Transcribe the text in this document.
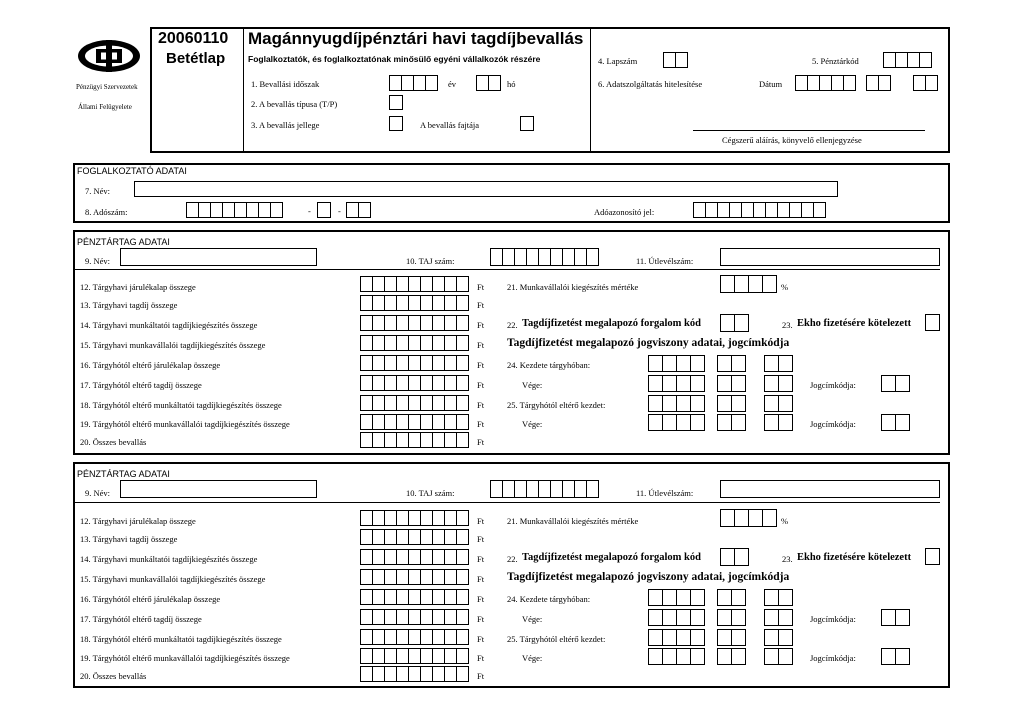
Pénzügyi Szervezetek
Állami Felügyelete
20060110
Betétlap
Magánnyugdíjpénztári havi tagdíjbevallás
Foglalkoztatók, és foglalkoztatónak minősülő egyéni vállalkozók részére
1. Bevallási időszak	év	hó
2. A bevallás típusa (T/P)
3. A bevallás jellege	A bevallás fajtája
4. Lapszám	5. Pénztárkód
6. Adatszolgáltatás hitelesítése	Dátum
Cégszerű aláírás, könyvelő ellenjegyzése
FOGLALKOZTATÓ ADATAI
7. Név:
8. Adószám:	-	-	Adóazonosító jel:
PÉNZTÁRTAG ADATAI
9. Név:	10. TAJ szám:	11. Útlevélszám:
12. Tárgyhavi járulékalap összege	Ft
13. Tárgyhavi tagdíj összege	Ft
14. Tárgyhavi munkáltatói tagdíjkiegészítés összege	Ft
15. Tárgyhavi munkavállalói tagdíjkiegészítés összege	Ft
16. Tárgyhótól eltérő járulékalap összege	Ft
17. Tárgyhótól eltérő tagdíj összege	Ft
18. Tárgyhótól eltérő munkáltatói tagdíjkiegészítés összege	Ft
19. Tárgyhótól eltérő munkavállalói tagdíjkiegészítés összege	Ft
20. Összes bevallás	Ft
21. Munkavállalói kiegészítés mértéke	%
22. Tagdíjfizetést megalapozó forgalom kód	23. Ekho fizetésére kötelezett
Tagdíjfizetést megalapozó jogviszony adatai, jogcímkódja
24. Kezdete tárgyhóban:
Vége:	Jogcímkódja:
25. Tárgyhótól eltérő kezdet:
Vége:	Jogcímkódja:
PÉNZTÁRTAG ADATAI
9. Név:	10. TAJ szám:	11. Útlevélszám:
12. Tárgyhavi járulékalap összege	Ft
13. Tárgyhavi tagdíj összege	Ft
14. Tárgyhavi munkáltatói tagdíjkiegészítés összege	Ft
15. Tárgyhavi munkavállalói tagdíjkiegészítés összege	Ft
16. Tárgyhótól eltérő járulékalap összege	Ft
17. Tárgyhótól eltérő tagdíj összege	Ft
18. Tárgyhótól eltérő munkáltatói tagdíjkiegészítés összege	Ft
19. Tárgyhótól eltérő munkavállalói tagdíjkiegészítés összege	Ft
20. Összes bevallás	Ft
21. Munkavállalói kiegészítés mértéke	%
22. Tagdíjfizetést megalapozó forgalom kód	23. Ekho fizetésére kötelezett
Tagdíjfizetést megalapozó jogviszony adatai, jogcímkódja
24. Kezdete tárgyhóban:
Vége:	Jogcímkódja:
25. Tárgyhótól eltérő kezdet:
Vége:	Jogcímkódja:
